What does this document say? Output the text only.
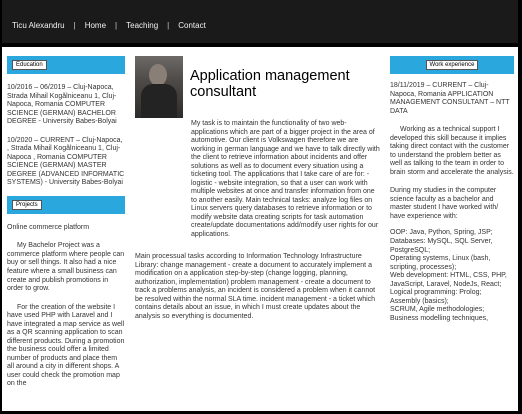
Ticu Alexandru | Home | Teaching | Contact
Education

10/2016 – 06/2019 – Cluj-Napoca, Strada Mihail Kogălniceanu 1, Cluj-Napoca, Romania COMPUTER SCIENCE (GERMAN) BACHELOR DEGREE - University Babes-Bolyai

10/2020 – CURRENT – Cluj-Napoca, , Strada Mihail Kogălniceanu 1, Cluj-Napoca , Romania COMPUTER SCIENCE (GERMAN) MASTER DEGREE (ADVANCED INFORMATIC SYSTEMS) - University Babes-Bolyai

Projects

Online commerce platform

My Bachelor Project was a commerce platform where people can buy or sell things. It also had a nice feature where a small business can create and publish promotions in order to grow.

For the creation of the website I have used PHP with Laravel and I have integrated a map service as well as a QR scanning application to scan different products. During a promotion the business could offer a limited number of products and place them all around a city in different shops. A user could check the promotion map on the

Application management consultant

My task is to maintain the functionality of two web-applications which are part of a bigger project in the area of automotive. Our client is Volkswagen therefore we are working in german language and we have to talk directly with the client to retrieve information about incidents and offer solutions as well as to document every situation using a ticketing tool. The applications that I take care of are for: - logistic - website integration, so that a user can work with multiple websites at once and transfer information from one to another easily. Main technical tasks: analyze log files on Linux servers query databases to retrieve information or to modify website data creating scripts for task automation create/update documentations add/modify user rights for our applications.

Main processual tasks according to Information Technology Infrastructure Library: change management - create a document to accurately implement a modification on a application step-by-step (change logging, planning, authorization, implementation) problem management - create a document to track a problems analysis, an incident is considered a problem when it cannot be resolved within the normal SLA time. incident management - a ticket which contains details about an issue, in which I must create updates about the analysis so everything is documented.

Work experience

18/11/2019 – CURRENT – Cluj-Napoca, Romania APPLICATION MANAGEMENT CONSULTANT – NTT DATA

Working as a technical support I developed this skill because it implies taking direct contact with the customer to understand the problem better as well as talking to the team in order to brain storm and accelerate the analysis.

During my studies in the computer science faculty as a bachelor and master student I have worked with/ have experience with:

OOP: Java, Python, Spring, JSP;
Databases: MySQL, SQL Server, PostgreSQL;
Operating systems, Linux (bash, scripting, processes);
Web development: HTML, CSS, PHP, JavaScript, Laravel, NodeJs, React;
Logical programming: Prolog;
Assembly (basics);
SCRUM, Agile methodologies;
Business modelling techniques,
